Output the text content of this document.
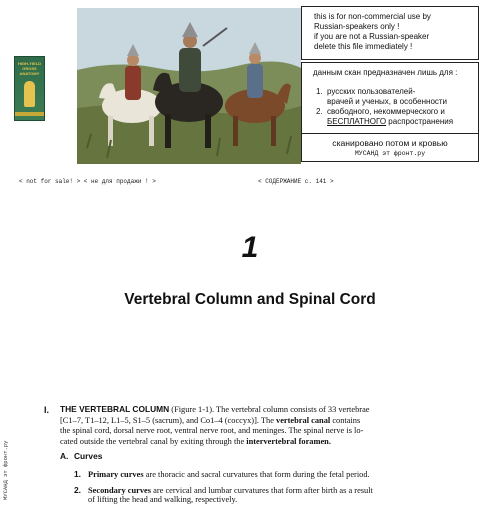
HIGH-YIELD GROSS ANATOMY
this is for non-commercial use by
Russian-speakers only !
if you are not a Russian-speaker
delete this file immediately !
данным скан предназначен лишь для :
1. русских пользователей-
врачей и ученых, в особенности
2. свободного, некоммерческого и
БЕСПЛАТНОГО распространения
сканировано потом и кровью
МУСАНД эт фронт.ру
< not for sale! > < не для продажи ! >	< СОДЕРЖАНИЕ с. 141 >
1
Vertebral Column and Spinal Cord
МУСАНД эт фронт.ру
I. THE VERTEBRAL COLUMN (Figure 1-1). The vertebral column consists of 33 vertebrae
[C1–7, T1–12, L1–5, S1–5 (sacrum), and Co1–4 (coccyx)]. The vertebral canal contains
the spinal cord, dorsal nerve root, ventral nerve root, and meninges. The spinal nerve is lo-
cated outside the vertebral canal by exiting through the intervertebral foramen.
A. Curves
1. Primary curves are thoracic and sacral curvatures that form during the fetal period.
2. Secondary curves are cervical and lumbar curvatures that form after birth as a result
of lifting the head and walking, respectively.
